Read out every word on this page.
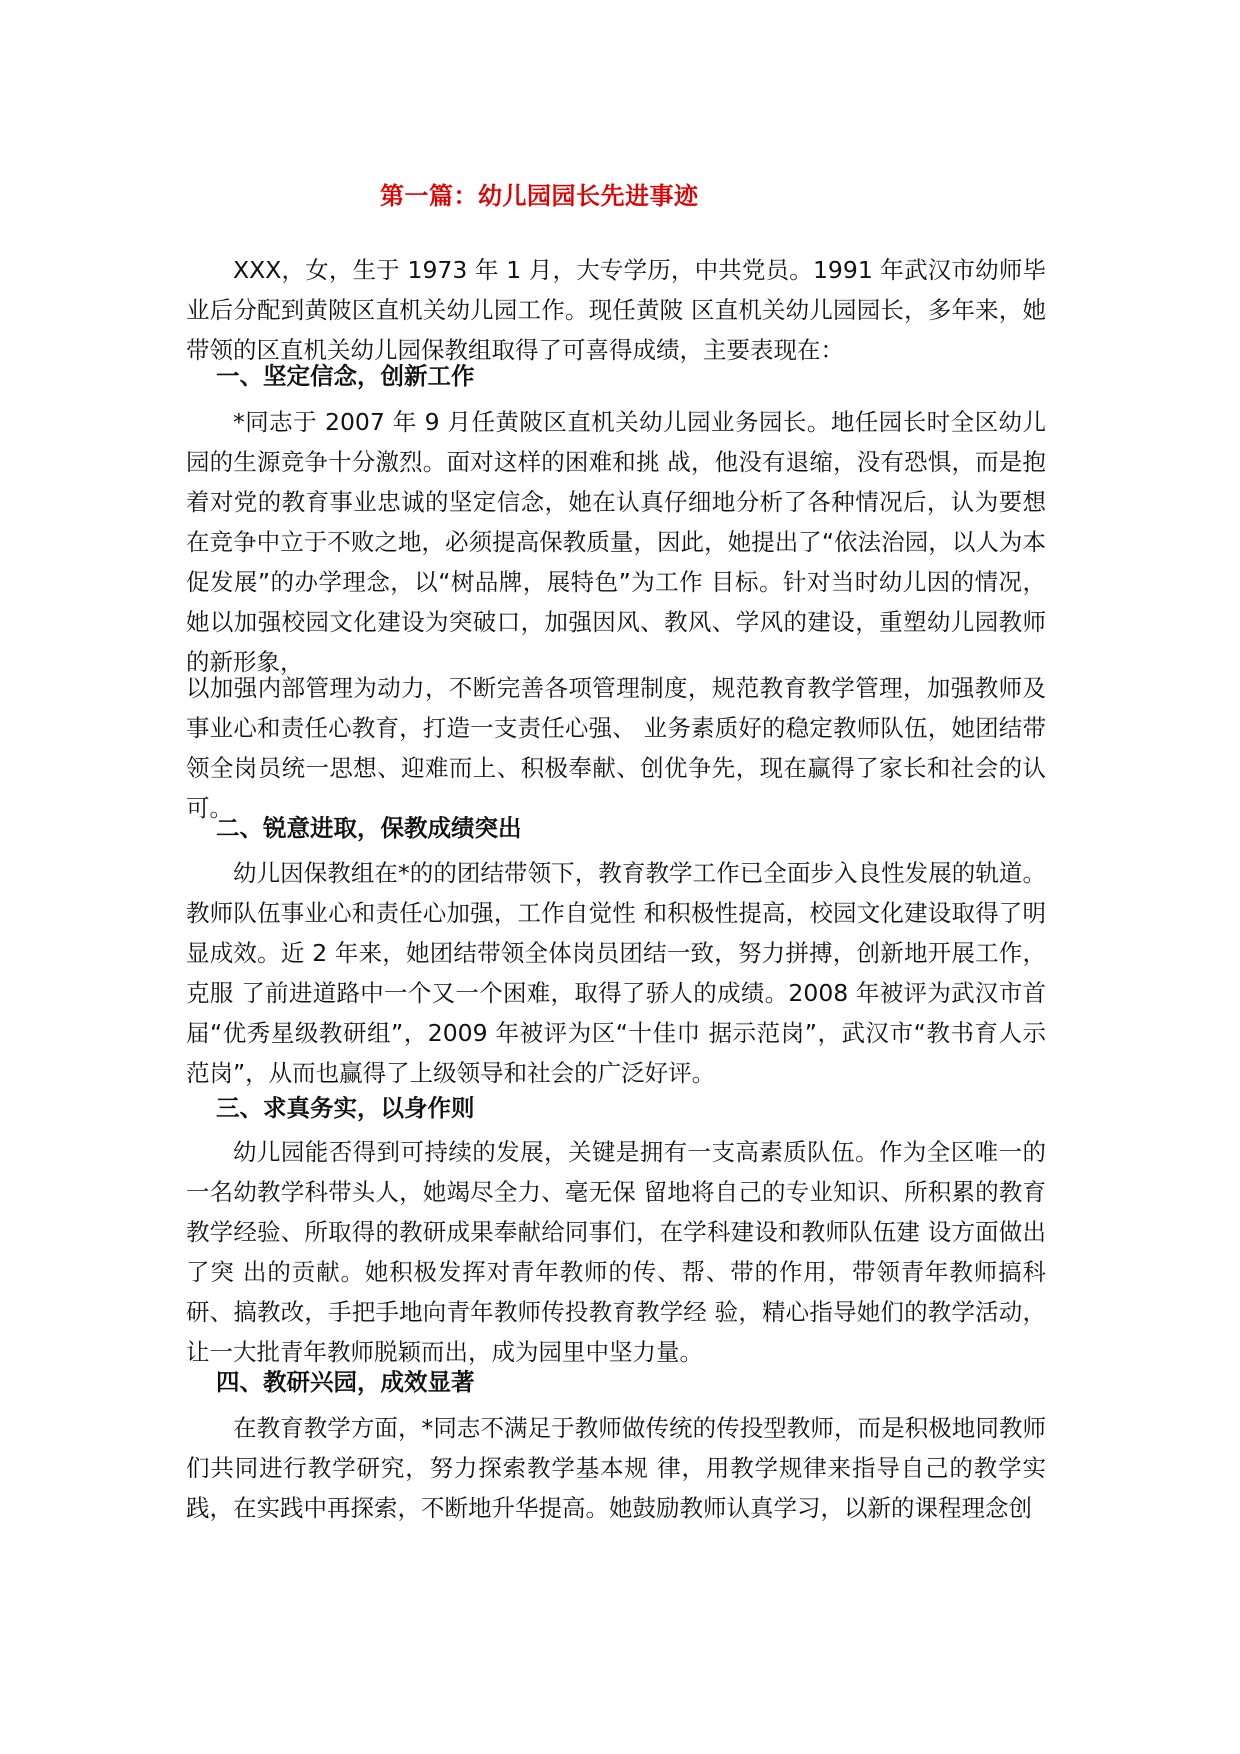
第一篇：幼儿园园长先进事迹

XXX，女，生于 1973 年 1 月，大专学历，中共党员。1991 年武汉市幼师毕业后分配到黄陂区直机关幼儿园工作。现任黄陂 区直机关幼儿园园长，多年来，她带领的区直机关幼儿园保教组取得了可喜得成绩，主要表现在：

一、坚定信念，创新工作

*同志于 2007 年 9 月任黄陂区直机关幼儿园业务园长。地任园长时全区幼儿园的生源竞争十分激烈。面对这样的困难和挑 战，他没有退缩，没有恐惧，而是抱着对党的教育事业忠诚的坚定信念，她在认真仔细地分析了各种情况后，认为要想在竞争中立于不败之地，必须提高保教质量，因此，她提出了“依法治园，以人为本促发展”的办学理念，以“树品牌，展特色”为工作 目标。针对当时幼儿因的情况，她以加强校园文化建设为突破口，加强因风、教风、学风的建设，重塑幼儿园教师的新形象，

以加强内部管理为动力，不断完善各项管理制度，规范教育教学管理，加强教师及事业心和责任心教育，打造一支责任心强、 业务素质好的稳定教师队伍，她团结带领全岗员统一思想、迎难而上、积极奉献、创优争先，现在赢得了家长和社会的认可。

二、锐意进取，保教成绩突出

幼儿因保教组在*的的团结带领下，教育教学工作已全面步入良性发展的轨道。教师队伍事业心和责任心加强，工作自觉性 和积极性提高，校园文化建设取得了明显成效。近 2 年来，她团结带领全体岗员团结一致，努力拼搏，创新地开展工作，克服 了前进道路中一个又一个困难，取得了骄人的成绩。2008 年被评为武汉市首届“优秀星级教研组”，2009 年被评为区“十佳巾 据示范岗”，武汉市“教书育人示范岗”，从而也赢得了上级领导和社会的广泛好评。

三、求真务实，以身作则

幼儿园能否得到可持续的发展，关键是拥有一支高素质队伍。作为全区唯一的一名幼教学科带头人，她竭尽全力、毫无保 留地将自己的专业知识、所积累的教育教学经验、所取得的教研成果奉献给同事们，在学科建设和教师队伍建 设方面做出了突 出的贡献。她积极发挥对青年教师的传、帮、带的作用，带领青年教师搞科研、搞教改，手把手地向青年教师传投教育教学经 验，精心指导她们的教学活动，让一大批青年教师脱颖而出，成为园里中坚力量。

四、教研兴园，成效显著

在教育教学方面，*同志不满足于教师做传统的传投型教师，而是积极地同教师们共同进行教学研究，努力探索教学基本规 律，用教学规律来指导自己的教学实践，在实践中再探索，不断地升华提高。她鼓励教师认真学习，以新的课程理念创
